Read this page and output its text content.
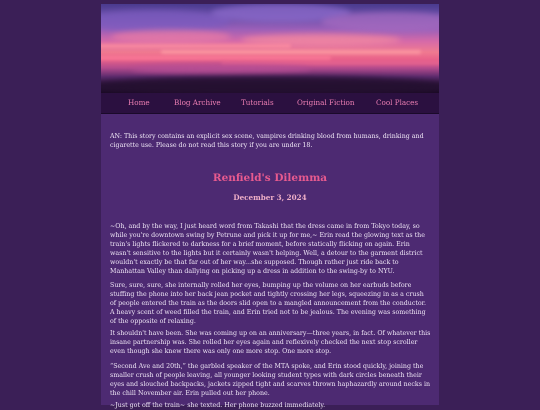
Home	Blog Archive	Tutorials	Original Fiction	Cool Places

AN: This story contains an explicit sex scene, vampires drinking blood from humans, drinking and cigarette use. Please do not read this story if you are under 18.

Renfield's Dilemma
December 3, 2024

~Oh, and by the way, I just heard word from Takashi that the dress came in from Tokyo today, so while you're downtown swing by Petrune and pick it up for me,~ Erin read the glowing text as the train's lights flickered to darkness for a brief moment, before statically flicking on again. Erin wasn't sensitive to the lights but it certainly wasn't helping. Well, a detour to the garment district wouldn't exactly be that far out of her way...she supposed. Though rather just ride back to Manhattan Valley than dallying on picking up a dress in addition to the swing-by to NYU.

Sure, sure, sure, she internally rolled her eyes, bumping up the volume on her earbuds before stuffing the phone into her back jean pocket and tightly crossing her legs, squeezing in as a crush of people entered the train as the doors slid open to a mangled announcement from the conductor. A heavy scent of weed filled the train, and Erin tried not to be jealous. The evening was something of the opposite of relaxing.

It shouldn't have been. She was coming up on an anniversary—three years, in fact. Of whatever this insane partnership was. She rolled her eyes again and reflexively checked the next stop scroller even though she knew there was only one more stop. One more stop.

“Second Ave and 20th,” the garbled speaker of the MTA spoke, and Erin stood quickly, joining the smaller crush of people leaving, all younger looking student types with dark circles beneath their eyes and slouched backpacks, jackets zipped tight and scarves thrown haphazardly around necks in the chill November air. Erin pulled out her phone.

~Just got off the train~ she texted. Her phone buzzed immediately.
